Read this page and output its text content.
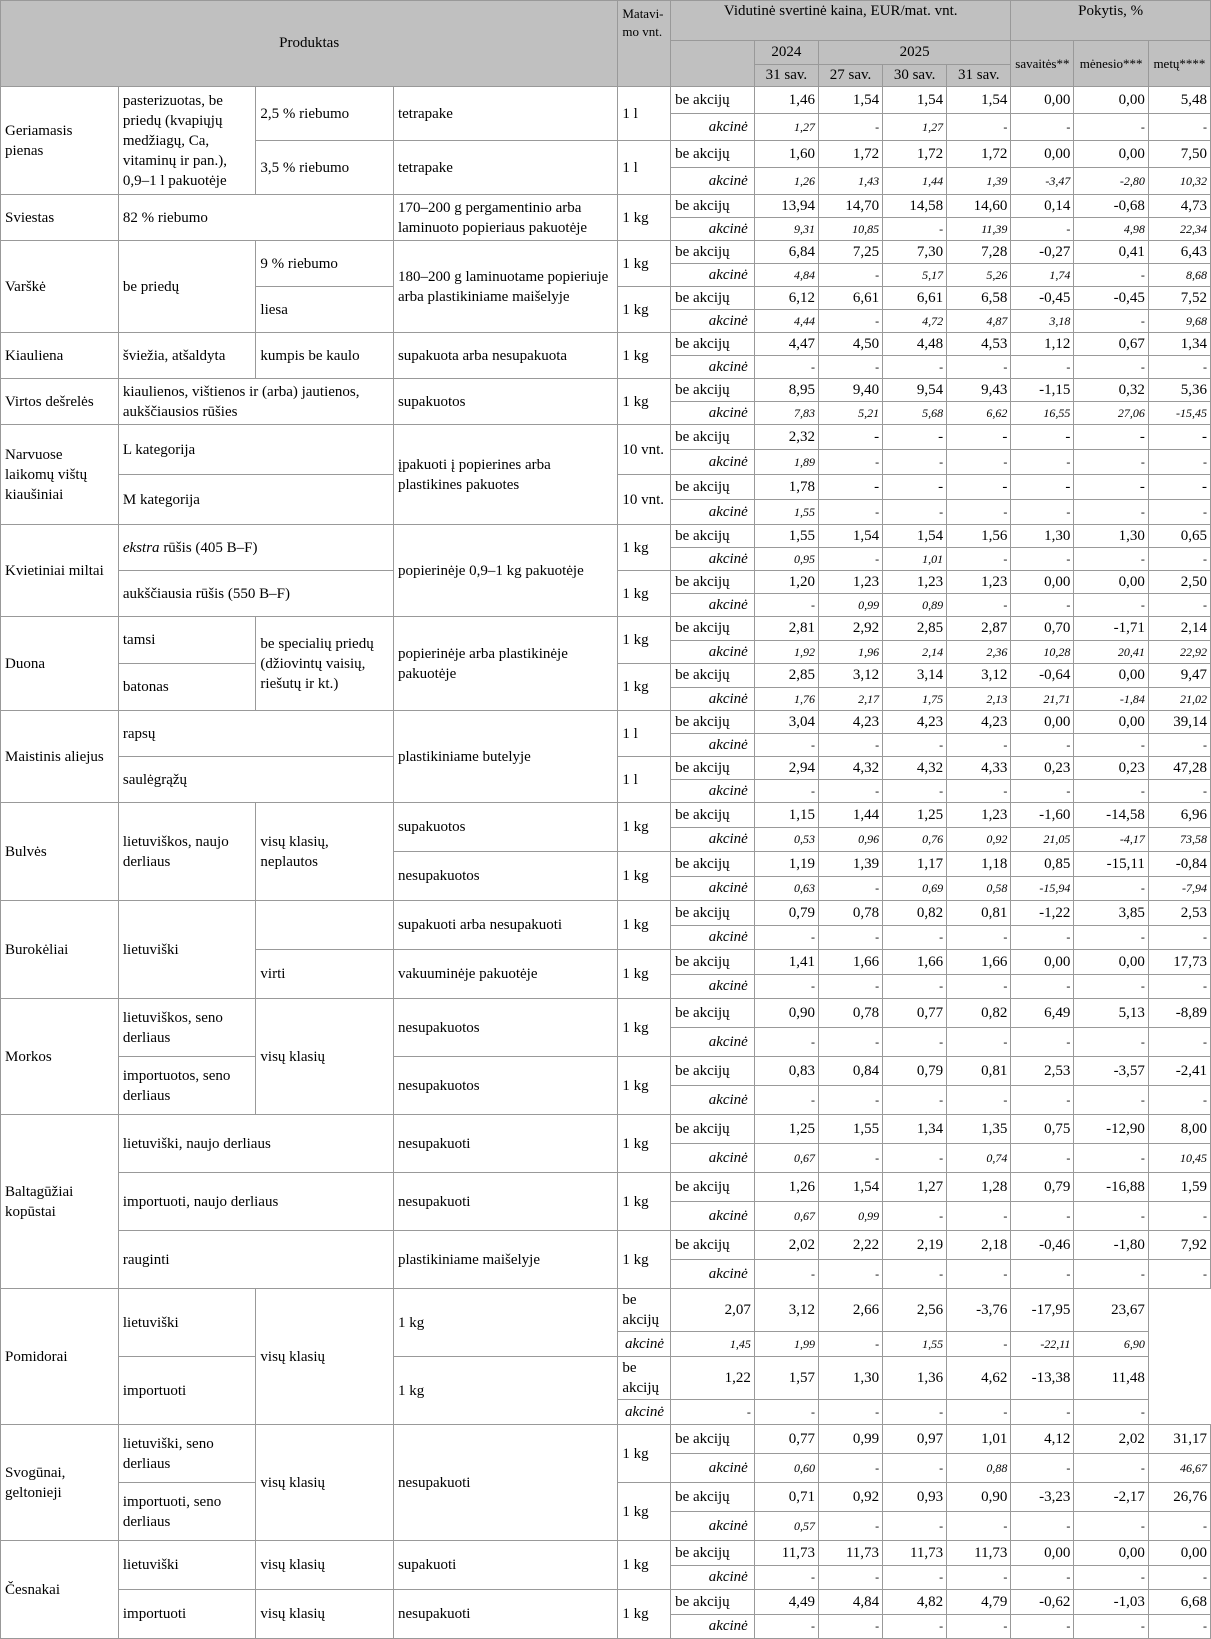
Produktas				Matavi-mo vnt.	Vidutinė svertinė kaina, EUR/mat. vnt.					Pokytis, %		
						2024	2025			savaitės**	mėnesio***	metų****
						31 sav.	27 sav.	30 sav.	31 sav.			
Geriamasis pienas	pasterizuotas, be priedų (kvapiųjų medžiagų, Ca, vitaminų ir pan.), 0,9–1 l pakuotėje	2,5 % riebumo	tetrapake	1 l	be akcijų	1,46	1,54	1,54	1,54	0,00	0,00	5,48
					akcinė	1,27	-	1,27	-	-	-	-
		3,5 % riebumo	tetrapake	1 l	be akcijų	1,60	1,72	1,72	1,72	0,00	0,00	7,50
					akcinė	1,26	1,43	1,44	1,39	-3,47	-2,80	10,32
Sviestas	82 % riebumo		170–200 g pergamentinio arba laminuoto popieriaus pakuotėje	1 kg	be akcijų	13,94	14,70	14,58	14,60	0,14	-0,68	4,73
					akcinė	9,31	10,85	-	11,39	-	4,98	22,34
Varškė	be priedų	9 % riebumo	180–200 g laminuotame popieriuje arba plastikiniame maišelyje	1 kg	be akcijų	6,84	7,25	7,30	7,28	-0,27	0,41	6,43
					akcinė	4,84	-	5,17	5,26	1,74	-	8,68
		liesa		1 kg	be akcijų	6,12	6,61	6,61	6,58	-0,45	-0,45	7,52
					akcinė	4,44	-	4,72	4,87	3,18	-	9,68
Kiauliena	šviežia, atšaldyta	kumpis be kaulo	supakuota arba nesupakuota	1 kg	be akcijų	4,47	4,50	4,48	4,53	1,12	0,67	1,34
					akcinė	-	-	-	-	-	-	-
Virtos dešrelės	kiaulienos, vištienos ir (arba) jautienos, aukščiausios rūšies		supakuotos	1 kg	be akcijų	8,95	9,40	9,54	9,43	-1,15	0,32	5,36
					akcinė	7,83	5,21	5,68	6,62	16,55	27,06	-15,45
Narvuose laikomų vištų kiaušiniai	L kategorija		įpakuoti į popierines arba plastikines pakuotes	10 vnt.	be akcijų	2,32	-	-	-	-	-	-
					akcinė	1,89	-	-	-	-	-	-
	M kategorija			10 vnt.	be akcijų	1,78	-	-	-	-	-	-
					akcinė	1,55	-	-	-	-	-	-
Kvietiniai miltai	ekstra rūšis (405 B–F)		popierinėje 0,9–1 kg pakuotėje	1 kg	be akcijų	1,55	1,54	1,54	1,56	1,30	1,30	0,65
					akcinė	0,95	-	1,01	-	-	-	-
	aukščiausia rūšis (550 B–F)			1 kg	be akcijų	1,20	1,23	1,23	1,23	0,00	0,00	2,50
					akcinė	-	0,99	0,89	-	-	-	-
Duona	tamsi	be specialių priedų (džiovintų vaisių, riešutų ir kt.)	popierinėje arba plastikinėje pakuotėje	1 kg	be akcijų	2,81	2,92	2,85	2,87	0,70	-1,71	2,14
					akcinė	1,92	1,96	2,14	2,36	10,28	20,41	22,92
	batonas			1 kg	be akcijų	2,85	3,12	3,14	3,12	-0,64	0,00	9,47
					akcinė	1,76	2,17	1,75	2,13	21,71	-1,84	21,02
Maistinis aliejus	rapsų		plastikiniame butelyje	1 l	be akcijų	3,04	4,23	4,23	4,23	0,00	0,00	39,14
					akcinė	-	-	-	-	-	-	-
	saulėgrąžų			1 l	be akcijų	2,94	4,32	4,32	4,33	0,23	0,23	47,28
					akcinė	-	-	-	-	-	-	-
Bulvės	lietuviškos, naujo derliaus	visų klasių, neplautos	supakuotos	1 kg	be akcijų	1,15	1,44	1,25	1,23	-1,60	-14,58	6,96
					akcinė	0,53	0,96	0,76	0,92	21,05	-4,17	73,58
			nesupakuotos	1 kg	be akcijų	1,19	1,39	1,17	1,18	0,85	-15,11	-0,84
					akcinė	0,63	-	0,69	0,58	-15,94	-	-7,94
Burokėliai	lietuviški		supakuoti arba nesupakuoti	1 kg	be akcijų	0,79	0,78	0,82	0,81	-1,22	3,85	2,53
					akcinė	-	-	-	-	-	-	-
		virti	vakuuminėje pakuotėje	1 kg	be akcijų	1,41	1,66	1,66	1,66	0,00	0,00	17,73
					akcinė	-	-	-	-	-	-	-
Morkos	lietuviškos, seno derliaus	visų klasių	nesupakuotos	1 kg	be akcijų	0,90	0,78	0,77	0,82	6,49	5,13	-8,89
					akcinė	-	-	-	-	-	-	-
	importuotos, seno derliaus		nesupakuotos	1 kg	be akcijų	0,83	0,84	0,79	0,81	2,53	-3,57	-2,41
					akcinė	-	-	-	-	-	-	-
Baltagūžiai kopūstai	lietuviški, naujo derliaus		nesupakuoti	1 kg	be akcijų	1,25	1,55	1,34	1,35	0,75	-12,90	8,00
					akcinė	0,67	-	-	0,74	-	-	10,45
	importuoti, naujo derliaus		nesupakuoti	1 kg	be akcijų	1,26	1,54	1,27	1,28	0,79	-16,88	1,59
					akcinė	0,67	0,99	-	-	-	-	-
	rauginti		plastikiniame maišelyje	1 kg	be akcijų	2,02	2,22	2,19	2,18	-0,46	-1,80	7,92
					akcinė	-	-	-	-	-	-	-
Pomidorai	lietuviški	visų klasių	1 kg	be akcijų	2,07	3,12	2,66	2,56	-3,76	-17,95	23,67	
				akcinė	1,45	1,99	-	1,55	-	-22,11	6,90	
	importuoti		1 kg	be akcijų	1,22	1,57	1,30	1,36	4,62	-13,38	11,48	
				akcinė	-	-	-	-	-	-	-	
Svogūnai, geltonieji	lietuviški, seno derliaus	visų klasių	nesupakuoti	1 kg	be akcijų	0,77	0,99	0,97	1,01	4,12	2,02	31,17
					akcinė	0,60	-	-	0,88	-	-	46,67
	importuoti, seno derliaus			1 kg	be akcijų	0,71	0,92	0,93	0,90	-3,23	-2,17	26,76
					akcinė	0,57	-	-	-	-	-	-
Česnakai	lietuviški	visų klasių	supakuoti	1 kg	be akcijų	11,73	11,73	11,73	11,73	0,00	0,00	0,00
					akcinė	-	-	-	-	-	-	-
	importuoti	visų klasių	nesupakuoti	1 kg	be akcijų	4,49	4,84	4,82	4,79	-0,62	-1,03	6,68
					akcinė	-	-	-	-	-	-	-
